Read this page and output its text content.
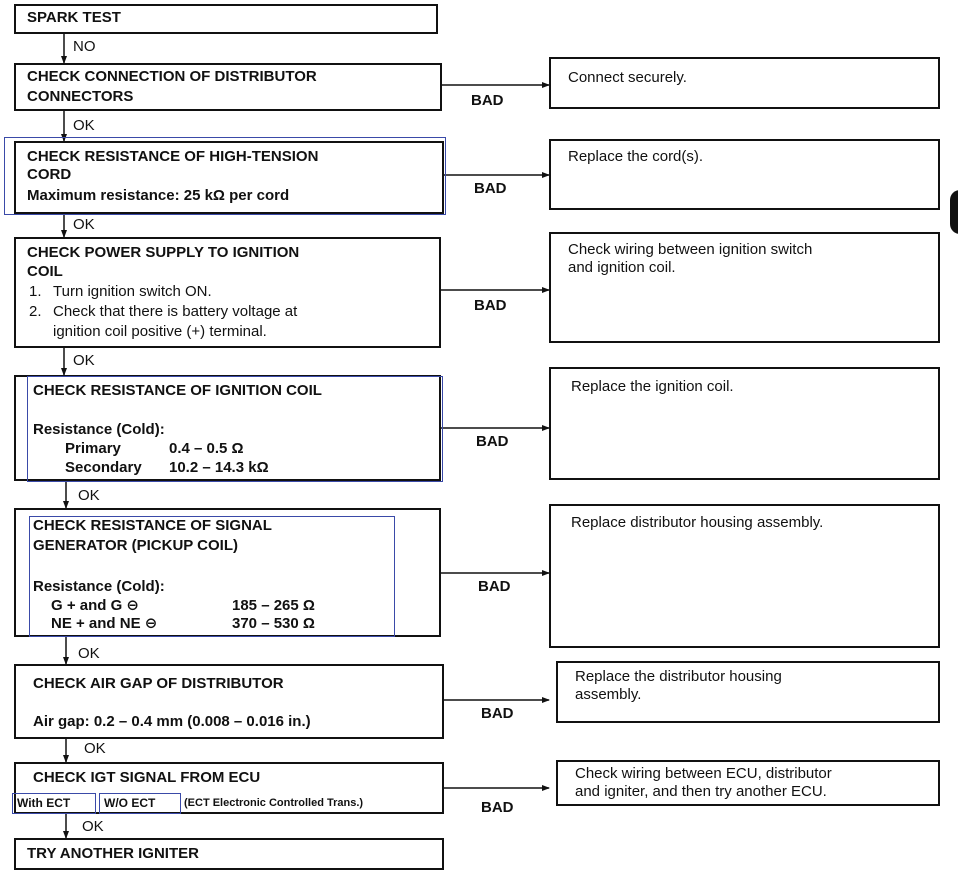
SPARK TEST
NO
CHECK CONNECTION OF DISTRIBUTOR
CONNECTORS	BAD
Connect securely.
OK
CHECK RESISTANCE OF HIGH-TENSION
CORD
Maximum resistance: 25 kΩ per cord	BAD
Replace the cord(s).
OK
CHECK POWER SUPPLY TO IGNITION
COIL
1. Turn ignition switch ON.
2. Check that there is battery voltage at
ignition coil positive (+) terminal.
BAD
Check wiring between ignition switch
and ignition coil.
OK
CHECK RESISTANCE OF IGNITION COIL
Resistance (Cold):
Primary	0.4 – 0.5 Ω
Secondary 10.2 – 14.3 kΩ
BAD
Replace the ignition coil.
OK
CHECK RESISTANCE OF SIGNAL
GENERATOR (PICKUP COIL)
Resistance (Cold):
G + and G ⊖	185 – 265 Ω
NE + and NE ⊖	370 – 530 Ω
BAD
Replace distributor housing assembly.
OK
CHECK AIR GAP OF DISTRIBUTOR
Air gap: 0.2 – 0.4 mm (0.008 – 0.016 in.)	BAD
Replace the distributor housing
assembly.
OK
CHECK IGT SIGNAL FROM ECU
With ECT	W/O ECT	(ECT Electronic Controlled Trans.)	BAD
Check wiring between ECU, distributor
and igniter, and then try another ECU.
OK
TRY ANOTHER IGNITER
